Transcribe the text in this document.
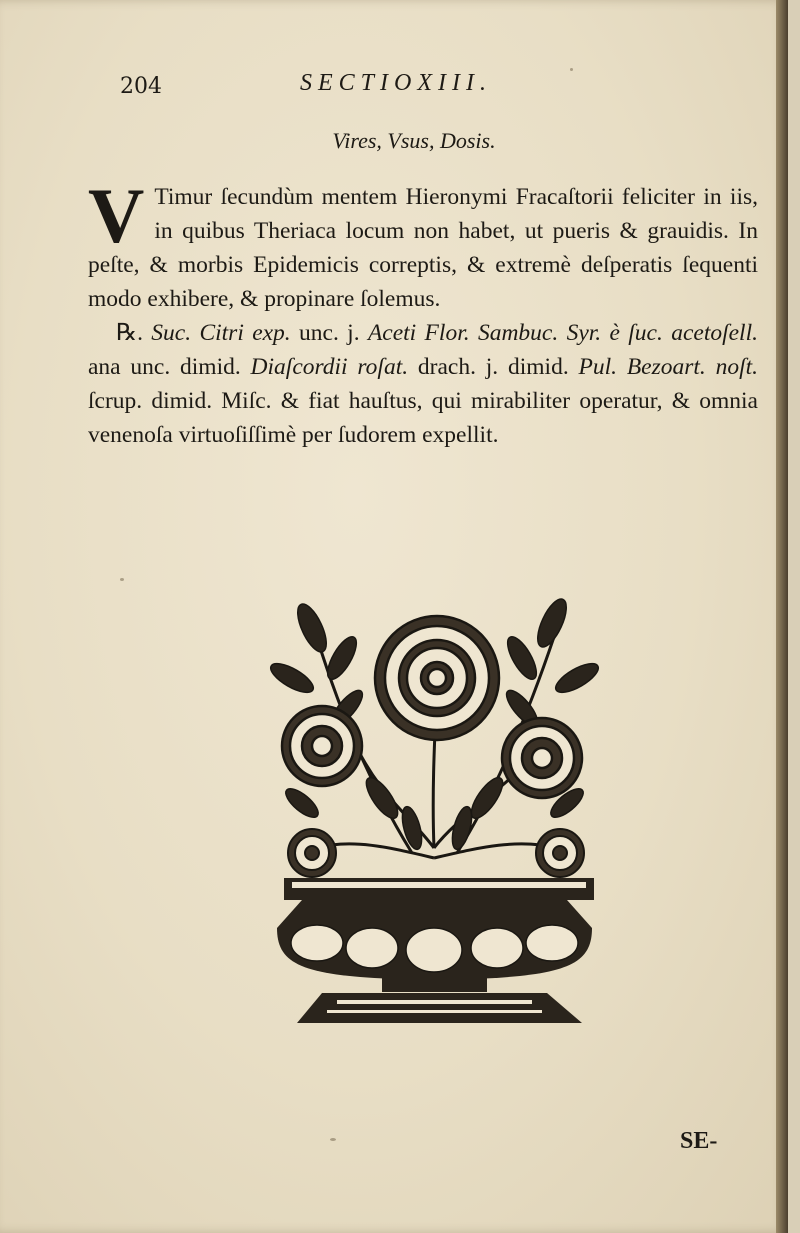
204	SECTIOXIII.
Vires, Vsus, Dosis.

V Timur ſecundùm mentem Hieronymi Fracaſtorii feliciter in iis, in quibus Theriaca locum non habet, ut pueris & grauidis. In peſte, & morbis Epidemicis correptis, & extremè deſperatis ſequenti modo exhibere, & propinare ſolemus.

℞. Suc. Citri exp. unc. j. Aceti Flor. Sambuc. Syr. è ſuc. acetoſell. ana unc. dimid. Diaſcordii roſat. drach. j. dimid. Pul. Bezoart. noſt. ſcrup. dimid. Miſc. & fiat hauſtus, qui mirabiliter operatur, & omnia venenoſa virtuoſiſſimè per ſudorem expellit.

SE-
